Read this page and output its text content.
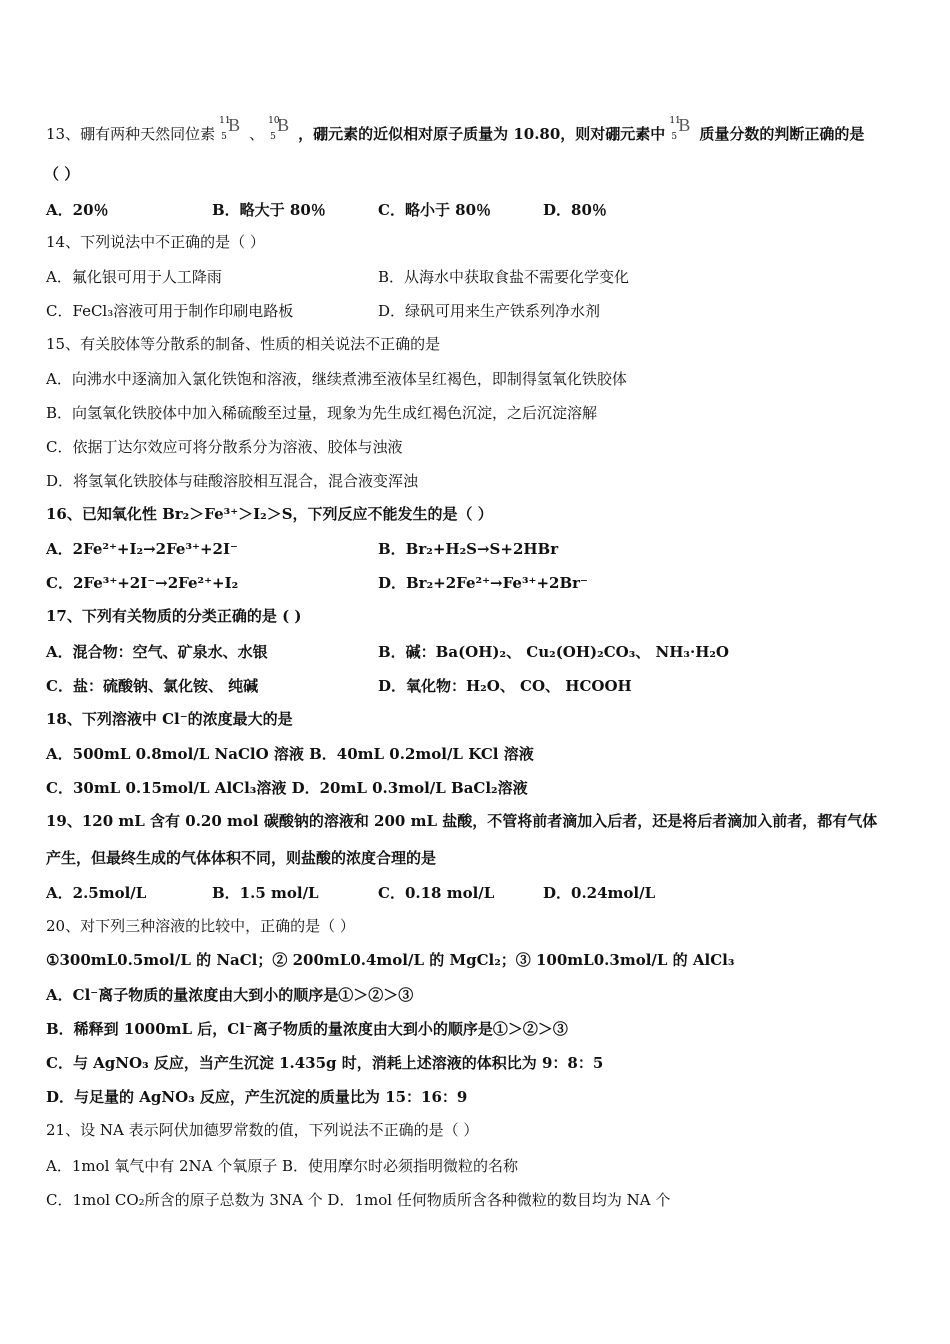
13、硼有两种天然同位素
11
5
B 、
10
5
B ，硼元素的近似相对原子质量为 10.80，则对硼元素中
11
5
B 质量分数的判断正确的是
（ ）
A．20％	B．略大于 80％	C．略小于 80％	D．80％
14、下列说法中不正确的是（ ）
A．氟化银可用于人工降雨	B．从海水中获取食盐不需要化学变化
C．FeCl₃溶液可用于制作印刷电路板	D．绿矾可用来生产铁系列净水剂
15、有关胶体等分散系的制备、性质的相关说法不正确的是
A．向沸水中逐滴加入氯化铁饱和溶液，继续煮沸至液体呈红褐色，即制得氢氧化铁胶体
B．向氢氧化铁胶体中加入稀硫酸至过量，现象为先生成红褐色沉淀，之后沉淀溶解
C．依据丁达尔效应可将分散系分为溶液、胶体与浊液
D．将氢氧化铁胶体与硅酸溶胶相互混合，混合液变浑浊
16、已知氧化性 Br₂＞Fe³⁺＞I₂＞S，下列反应不能发生的是（ ）
A．2Fe²⁺+I₂→2Fe³⁺+2I⁻	B．Br₂+H₂S→S+2HBr
C．2Fe³⁺+2I⁻→2Fe²⁺+I₂	D．Br₂+2Fe²⁺→Fe³⁺+2Br⁻
17、下列有关物质的分类正确的是 ( )
A．混合物：空气、矿泉水、水银	B．碱：Ba(OH)₂、 Cu₂(OH)₂CO₃、 NH₃·H₂O
C．盐：硫酸钠、氯化铵、 纯碱	D．氧化物：H₂O、 CO、 HCOOH
18、下列溶液中 Cl⁻的浓度最大的是
A．500mL 0.8mol/L NaClO 溶液 B．40mL 0.2mol/L KCl 溶液
C．30mL 0.15mol/L AlCl₃溶液 D．20mL 0.3mol/L BaCl₂溶液
19、120 mL 含有 0.20 mol 碳酸钠的溶液和 200 mL 盐酸，不管将前者滴加入后者，还是将后者滴加入前者，都有气体
产生，但最终生成的气体体积不同，则盐酸的浓度合理的是
A．2.5mol/L	B．1.5 mol/L	C．0.18 mol/L	D．0.24mol/L
20、对下列三种溶液的比较中，正确的是（ ）
①300mL0.5mol/L 的 NaCl；② 200mL0.4mol/L 的 MgCl₂；③ 100mL0.3mol/L 的 AlCl₃
A．Cl⁻离子物质的量浓度由大到小的顺序是①＞②＞③
B．稀释到 1000mL 后，Cl⁻离子物质的量浓度由大到小的顺序是①＞②＞③
C．与 AgNO₃ 反应，当产生沉淀 1.435g 时，消耗上述溶液的体积比为 9：8：5
D．与足量的 AgNO₃ 反应，产生沉淀的质量比为 15：16：9
21、设 NA 表示阿伏加德罗常数的值，下列说法不正确的是（ ）
A．1mol 氧气中有 2NA 个氧原子 B．使用摩尔时必须指明微粒的名称
C．1mol CO₂所含的原子总数为 3NA 个 D．1mol 任何物质所含各种微粒的数目均为 NA 个
